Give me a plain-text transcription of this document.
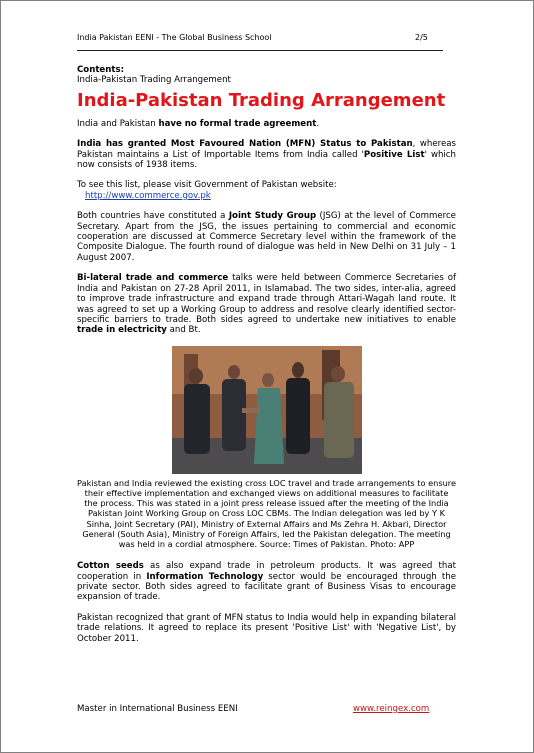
India Pakistan EENI - The Global Business School	2/5
Contents:
India-Pakistan Trading Arrangement
India-Pakistan Trading Arrangement

India and Pakistan have no formal trade agreement.

India has granted Most Favoured Nation (MFN) Status to Pakistan, whereas Pakistan maintains a List of Importable Items from India called 'Positive List' which now consists of 1938 items.

To see this list, please visit Government of Pakistan website:
http://www.commerce.gov.pk

Both countries have constituted a Joint Study Group (JSG) at the level of Commerce Secretary. Apart from the JSG, the issues pertaining to commercial and economic cooperation are discussed at Commerce Secretary level within the framework of the Composite Dialogue. The fourth round of dialogue was held in New Delhi on 31 July – 1 August 2007.

Bi-lateral trade and commerce talks were held between Commerce Secretaries of India and Pakistan on 27-28 April 2011, in Islamabad. The two sides, inter-alia, agreed to improve trade infrastructure and expand trade through Attari-Wagah land route. It was agreed to set up a Working Group to address and resolve clearly identified sector-specific barriers to trade. Both sides agreed to undertake new initiatives to enable trade in electricity and Bt.

Pakistan and India reviewed the existing cross LOC travel and trade arrangements to ensure their effective implementation and exchanged views on additional measures to facilitate the process. This was stated in a joint press release issued after the meeting of the India Pakistan Joint Working Group on Cross LOC CBMs. The Indian delegation was led by Y K Sinha, Joint Secretary (PAI), Ministry of External Affairs and Ms Zehra H. Akbari, Director General (South Asia), Ministry of Foreign Affairs, led the Pakistan delegation. The meeting was held in a cordial atmosphere. Source: Times of Pakistan. Photo: APP

Cotton seeds as also expand trade in petroleum products. It was agreed that cooperation in Information Technology sector would be encouraged through the private sector. Both sides agreed to facilitate grant of Business Visas to encourage expansion of trade.

Pakistan recognized that grant of MFN status to India would help in expanding bilateral trade relations. It agreed to replace its present 'Positive List' with 'Negative List', by October 2011.

Master in International Business EENI	www.reingex.com
